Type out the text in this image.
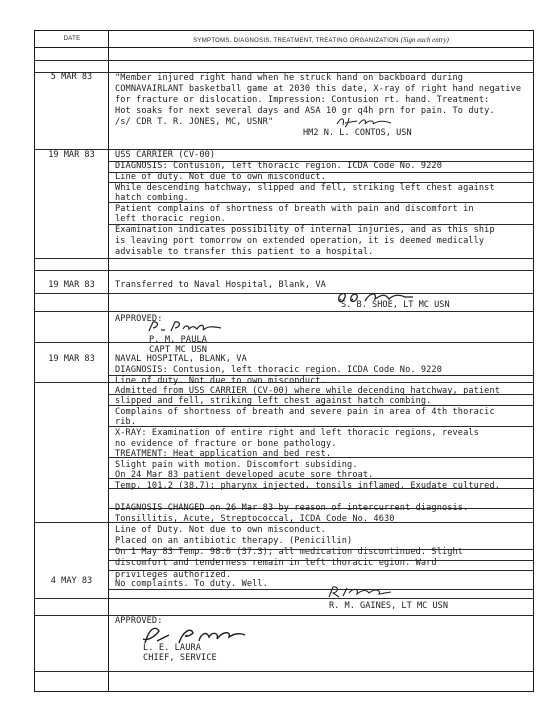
DATE	SYMPTOMS, DIAGNOSIS, TREATMENT, TREATING ORGANIZATION (Sign each entry)
5 MAR 83	"Member injured right hand when he struck hand on backboard during
COMNAVAIRLANT basketball game at 2030 this date, X-ray of right hand negative
for fracture or dislocation. Impression: Contusion rt. hand. Treatment:
Hot soaks for next several days and ASA 10 gr q4h prn for pain. To duty.
/s/ CDR T. R. JONES, MC, USNR"
HM2 N. L. CONTOS, USN
19 MAR 83	USS CARRIER (CV-00)
DIAGNOSIS: Contusion, left thoracic region. ICDA Code No. 9220
Line of duty. Not due to own misconduct.
While descending hatchway, slipped and fell, striking left chest against
hatch combing.
Patient complains of shortness of breath with pain and discomfort in
left thoracic region.
Examination indicates possibility of internal injuries, and as this ship
is leaving port tomorrow on extended operation, it is deemed medically
advisable to transfer this patient to a hospital.
19 MAR 83	Transferred to Naval Hospital, Blank, VA
S. B. SHOE, LT MC USN
APPROVED:
P. M. PAULA
CAPT MC USN
19 MAR 83	NAVAL HOSPITAL, BLANK, VA
DIAGNOSIS: Contusion, left thoracic region. ICDA Code No. 9220
Line of duty. Not due to own misconduct.
Admitted from USS CARRIER (CV-00) where while decending hatchway, patient
slipped and fell, striking left chest against hatch combing.
Complains of shortness of breath and severe pain in area of 4th thoracic
rib.
X-RAY: Examination of entire right and left thoracic regions, reveals
no evidence of fracture or bone pathology.
TREATMENT: Heat application and bed rest.
Slight pain with motion. Discomfort subsiding.
On 24 Mar 83 patient developed acute sore throat.
Temp. 101.2 (38.7); pharynx injected, tonsils inflamed. Exudate cultured.
DIAGNOSIS CHANGED on 26 Mar 83 by reason of intercurrent diagnosis.
Tonsillitis, Acute, Streptococcal, ICDA Code No. 4630
Line of Duty. Not due to own misconduct.
Placed on an antibiotic therapy. (Penicillin)
On 1 May 83 Temp. 98.6 (37.3); all medication discontinued. Slight
discomfort and tenderness remain in left thoracic egion. Ward
privileges authorized.
4 MAY 83	No complaints. To duty. Well.
R. M. GAINES, LT MC USN
APPROVED:
L. E. LAURA
CHIEF, SERVICE
